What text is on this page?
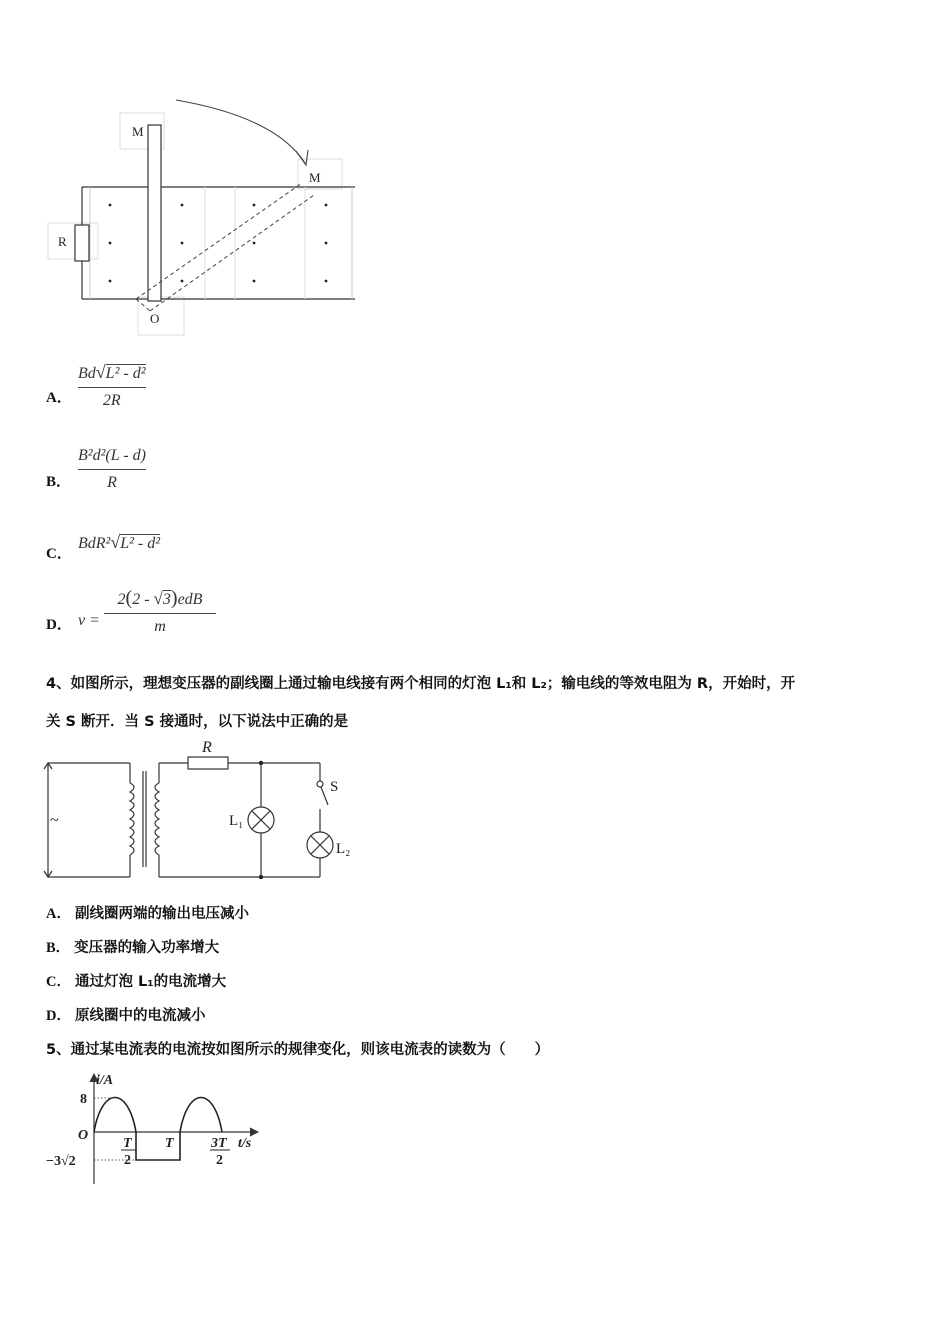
M
M
R
O
A．
Bd√L² - d²
2R
B．
B²d²(L - d)
R
C．
BdR²√L² - d²
D． v =
2(2 - √3)edB
m
4、如图所示，理想变压器的副线圈上通过输电线接有两个相同的灯泡 L₁和 L₂；输电线的等效电阻为 R，开始时，开
关 S 断开．当 S 接通时，以下说法中正确的是
R
S
L₁
L₂
~
A． 副线圈两端的输出电压减小
B． 变压器的输入功率增大
C． 通过灯泡 L₁的电流增大
D． 原线圈中的电流减小
5、通过某电流表的电流按如图所示的规律变化，则该电流表的读数为（　　）
i/A
t/s
O
8
−3√2
T
2
T	3T
2
